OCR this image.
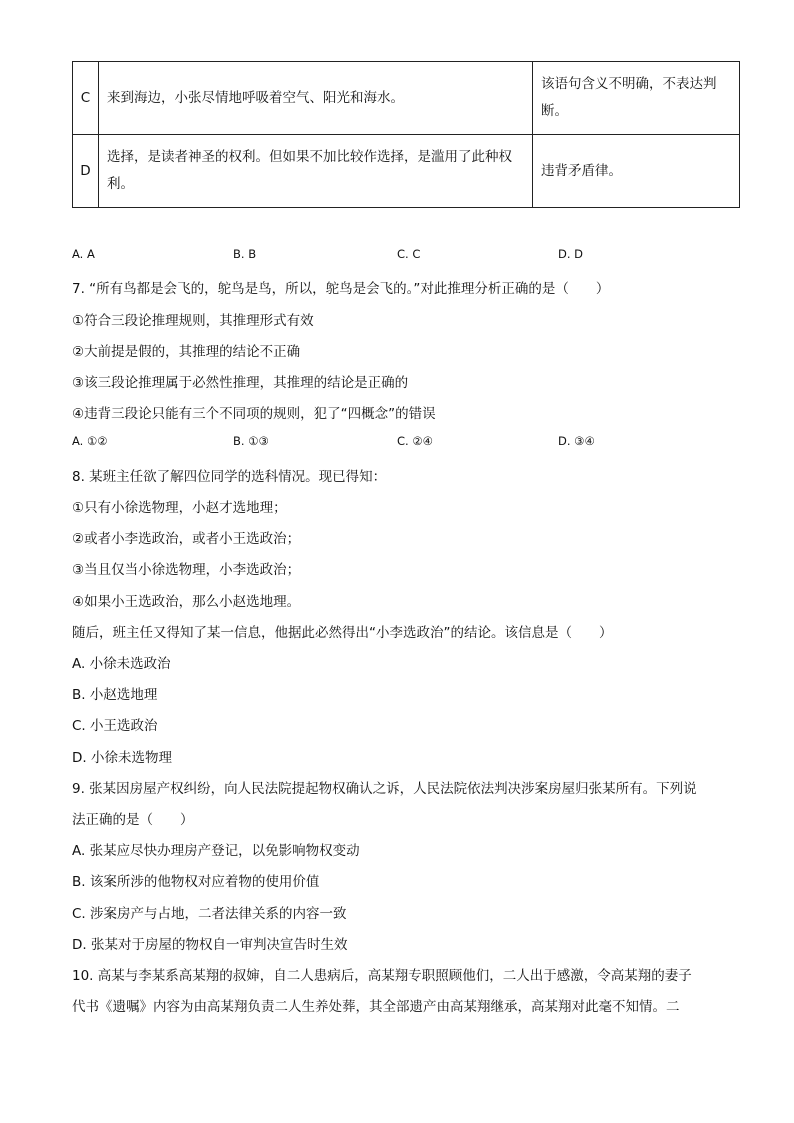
C	来到海边，小张尽情地呼吸着空气、阳光和海水。	该语句含义不明确，不表达判断。
D	选择，是读者神圣的权利。但如果不加比较作选择，是滥用了此种权利。	违背矛盾律。
A. A	B. B	C. C	D. D
7. “所有鸟都是会飞的，鸵鸟是鸟，所以，鸵鸟是会飞的。”对此推理分析正确的是（　　）
①符合三段论推理规则，其推理形式有效
②大前提是假的，其推理的结论不正确
③该三段论推理属于必然性推理，其推理的结论是正确的
④违背三段论只能有三个不同项的规则，犯了“四概念”的错误
A. ①②	B. ①③	C. ②④	D. ③④
8. 某班主任欲了解四位同学的选科情况。现已得知：
①只有小徐选物理，小赵才选地理；
②或者小李选政治，或者小王选政治；
③当且仅当小徐选物理，小李选政治；
④如果小王选政治，那么小赵选地理。
随后，班主任又得知了某一信息，他据此必然得出“小李选政治”的结论。该信息是（　　）
A. 小徐未选政治
B. 小赵选地理
C. 小王选政治
D. 小徐未选物理
9. 张某因房屋产权纠纷，向人民法院提起物权确认之诉，人民法院依法判决涉案房屋归张某所有。下列说
法正确的是（　　）
A. 张某应尽快办理房产登记，以免影响物权变动
B. 该案所涉的他物权对应着物的使用价值
C. 涉案房产与占地，二者法律关系的内容一致
D. 张某对于房屋的物权自一审判决宣告时生效
10. 高某与李某系高某翔的叔婶，自二人患病后，高某翔专职照顾他们，二人出于感激，令高某翔的妻子
代书《遗嘱》内容为由高某翔负责二人生养处葬，其全部遗产由高某翔继承，高某翔对此毫不知情。二
